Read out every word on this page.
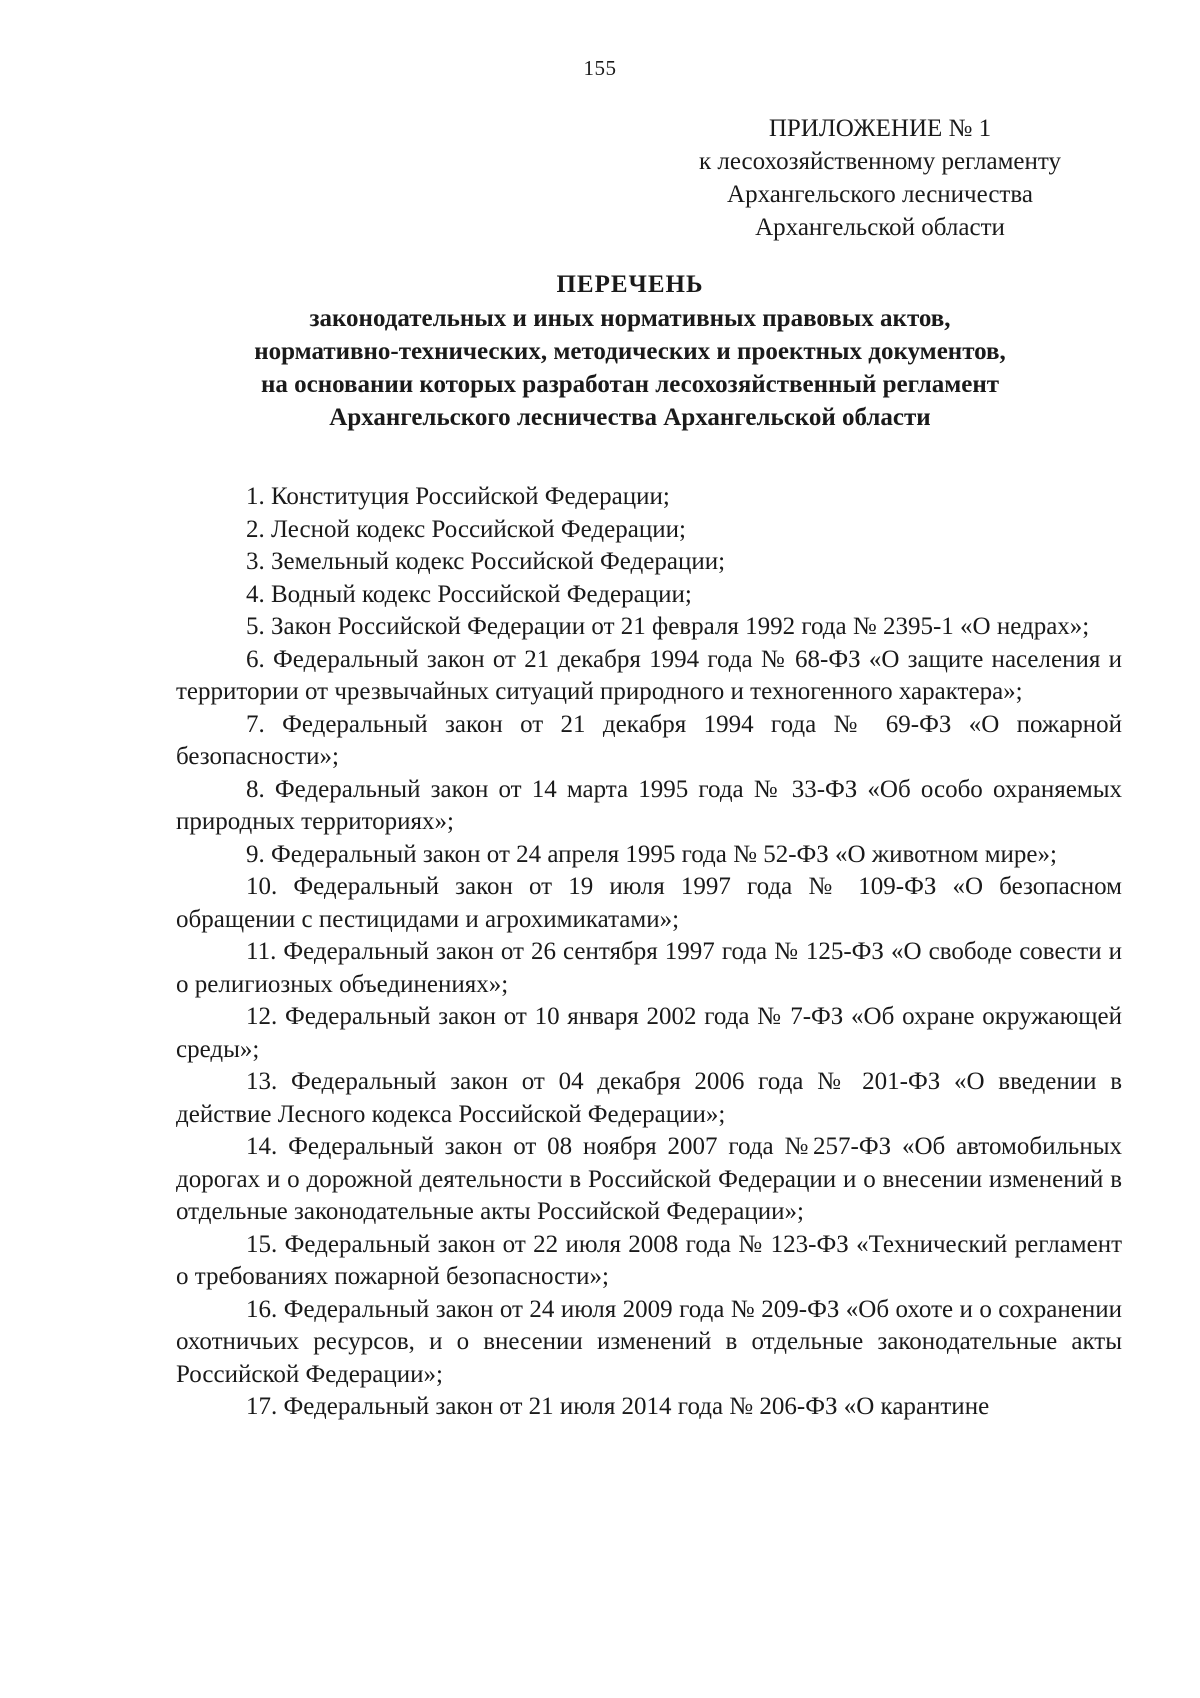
155
ПРИЛОЖЕНИЕ № 1
к лесохозяйственному регламенту
Архангельского лесничества
Архангельской области
ПЕРЕЧЕНЬ
законодательных и иных нормативных правовых актов,
нормативно-технических, методических и проектных документов,
на основании которых разработан лесохозяйственный регламент
Архангельского лесничества Архангельской области

1. Конституция Российской Федерации;

2. Лесной кодекс Российской Федерации;

3. Земельный кодекс Российской Федерации;

4. Водный кодекс Российской Федерации;

5. Закон Российской Федерации от 21 февраля 1992 года № 2395-1 «О недрах»;

6. Федеральный закон от 21 декабря 1994 года № 68-ФЗ «О защите населения и территории от чрезвычайных ситуаций природного и техногенного характера»;

7. Федеральный закон от 21 декабря 1994 года № 69-ФЗ «О пожарной безопасности»;

8. Федеральный закон от 14 марта 1995 года № 33-ФЗ «Об особо охраняемых природных территориях»;

9. Федеральный закон от 24 апреля 1995 года № 52-ФЗ «О животном мире»;

10. Федеральный закон от 19 июля 1997 года № 109-ФЗ «О безопасном обращении с пестицидами и агрохимикатами»;

11. Федеральный закон от 26 сентября 1997 года № 125-ФЗ «О свободе совести и о религиозных объединениях»;

12. Федеральный закон от 10 января 2002 года № 7-ФЗ «Об охране окружающей среды»;

13. Федеральный закон от 04 декабря 2006 года № 201-ФЗ «О введении в действие Лесного кодекса Российской Федерации»;

14. Федеральный закон от 08 ноября 2007 года №257-ФЗ «Об автомобильных дорогах и о дорожной деятельности в Российской Федерации и о внесении изменений в отдельные законодательные акты Российской Федерации»;

15. Федеральный закон от 22 июля 2008 года № 123-ФЗ «Технический регламент о требованиях пожарной безопасности»;

16. Федеральный закон от 24 июля 2009 года № 209-ФЗ «Об охоте и о сохранении охотничьих ресурсов, и о внесении изменений в отдельные законодательные акты Российской Федерации»;

17. Федеральный закон от 21 июля 2014 года № 206-ФЗ «О карантине
